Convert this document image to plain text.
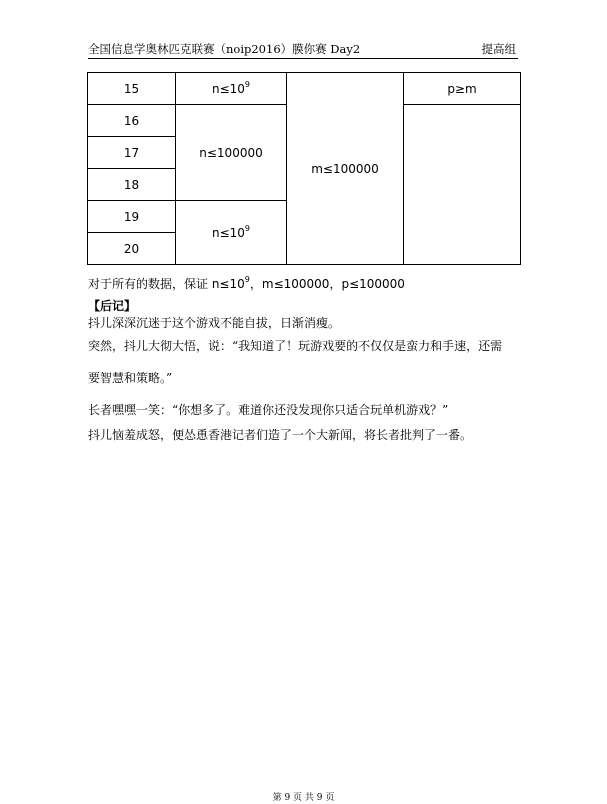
全国信息学奥林匹克联赛（noip2016）膜你赛 Day2	提高组
15	$n\le 10^9$	m≤100000	p≥m
16	n≤100000		
17			
18			
19	$n\le 10^9$
20			
对于所有的数据，保证 $n\le 10^9$，m≤100000，p≤100000
【后记】
抖儿深深沉迷于这个游戏不能自拔，日渐消瘦。
突然，抖儿大彻大悟，说：“我知道了！玩游戏要的不仅仅是蛮力和手速，还需
要智慧和策略。”
长者嘿嘿一笑：“你想多了。难道你还没发现你只适合玩单机游戏？”
抖儿恼羞成怒，便怂恿香港记者们造了一个大新闻，将长者批判了一番。
第 9 页 共 9 页
